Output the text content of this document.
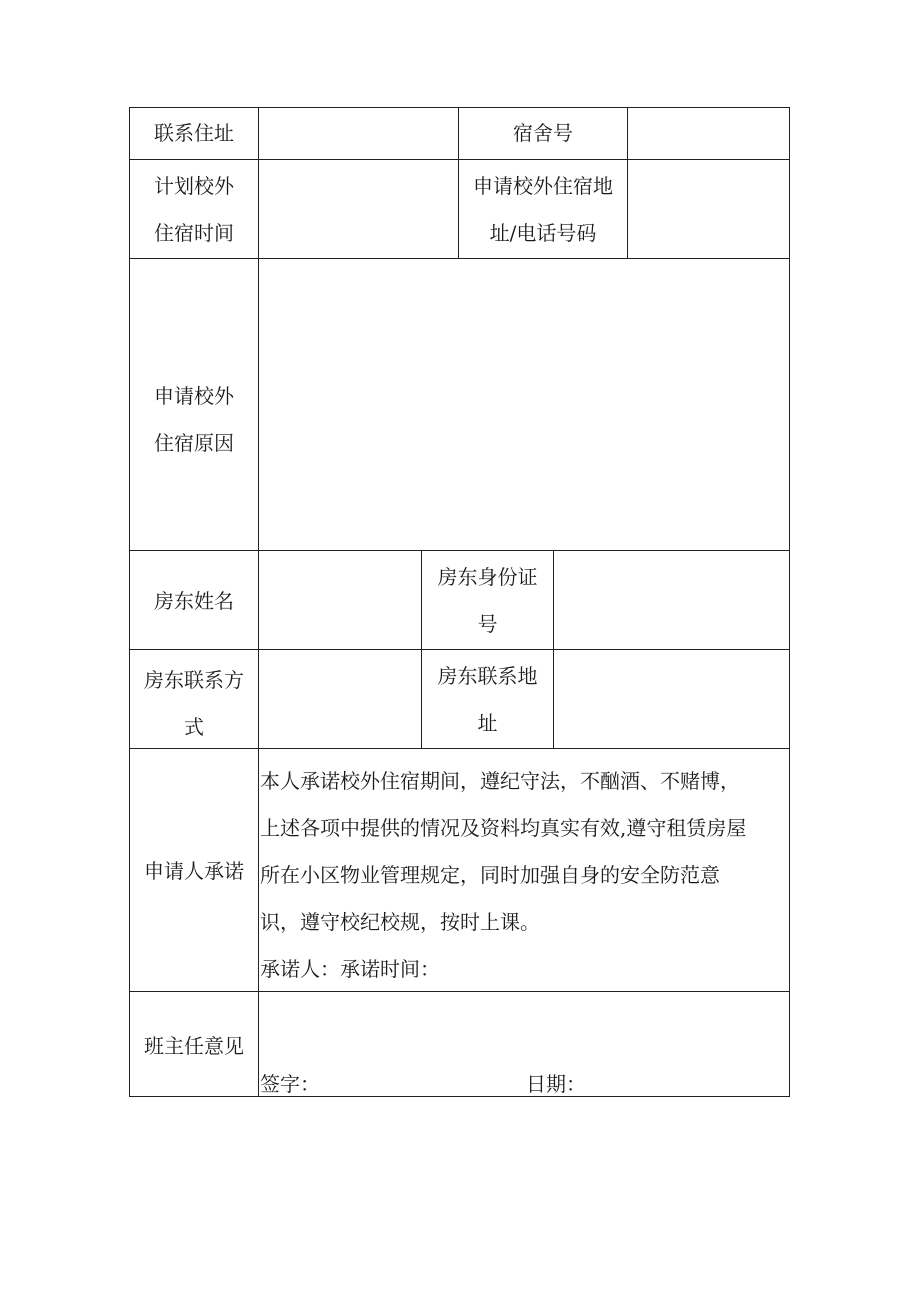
联系住址	宿舍号
计划校外
住宿时间
申请校外住宿地
址/电话号码
申请校外
住宿原因
房东姓名
房东身份证
号
房东联系方
式
房东联系地
址
申请人承诺
本人承诺校外住宿期间，遵纪守法，不酗酒、不赌博，
上述各项中提供的情况及资料均真实有效,遵守租赁房屋
所在小区物业管理规定，同时加强自身的安全防范意
识，遵守校纪校规，按时上课。
承诺人：承诺时间：
班主任意见
签字：	日期：
